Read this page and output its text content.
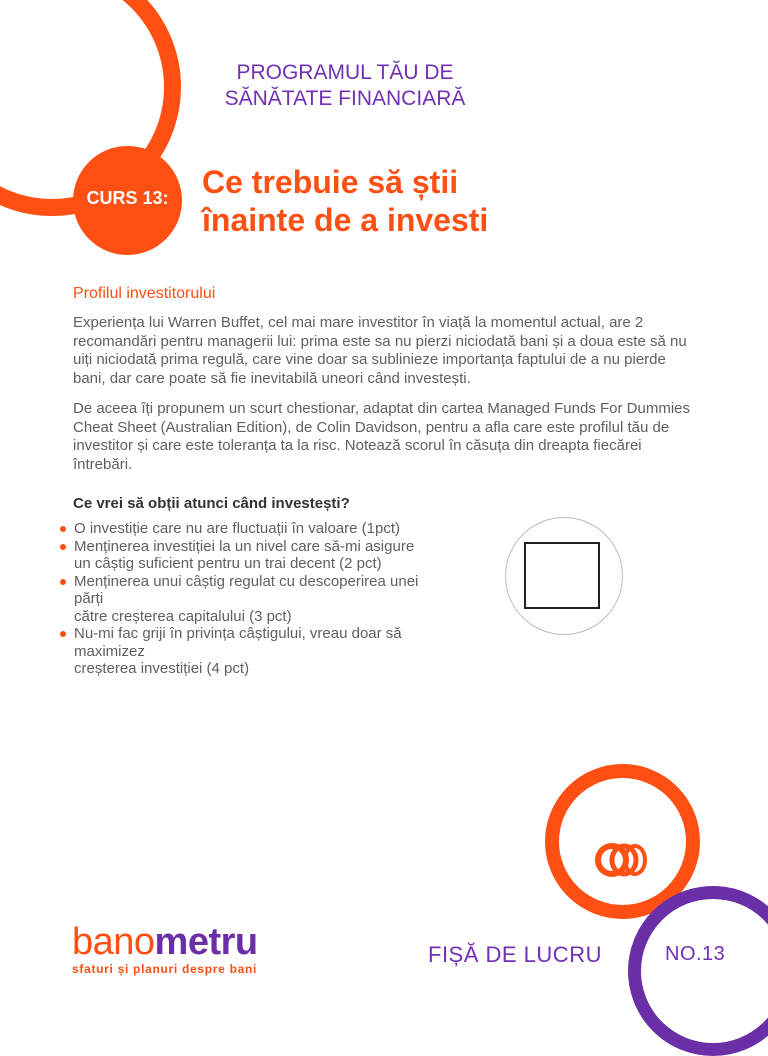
PROGRAMUL TĂU DE
SĂNĂTATE FINANCIARĂ
CURS 13:	Ce trebuie să știi
înainte de a investi
Profilul investitorului

Experiența lui Warren Buffet, cel mai mare investitor în viață la momentul actual, are 2 recomandări pentru managerii lui: prima este sa nu pierzi niciodată bani și a doua este să nu uiți niciodată prima regulă, care vine doar sa sublinieze importanța faptului de a nu pierde bani, dar care poate să fie inevitabilă uneori când investești.

De aceea îți propunem un scurt chestionar, adaptat din cartea Managed Funds For Dummies Cheat Sheet (Australian Edition), de Colin Davidson, pentru a afla care este profilul tău de investitor și care este toleranța ta la risc. Notează scorul în căsuța din dreapta fiecărei întrebări.

Ce vrei să obții atunci când investești?
O investiție care nu are fluctuații în valoare (1pct)
Menținerea investiției la un nivel care să-mi asigure
un câștig suficient pentru un trai decent (2 pct)
Menținerea unui câștig regulat cu descoperirea unei părți
către creșterea capitalului (3 pct)
Nu-mi fac griji în privința câștigului, vreau doar să maximizez
creșterea investiției (4 pct)
banometru
sfaturi și planuri despre bani
FIȘĂ DE LUCRU	NO.13
